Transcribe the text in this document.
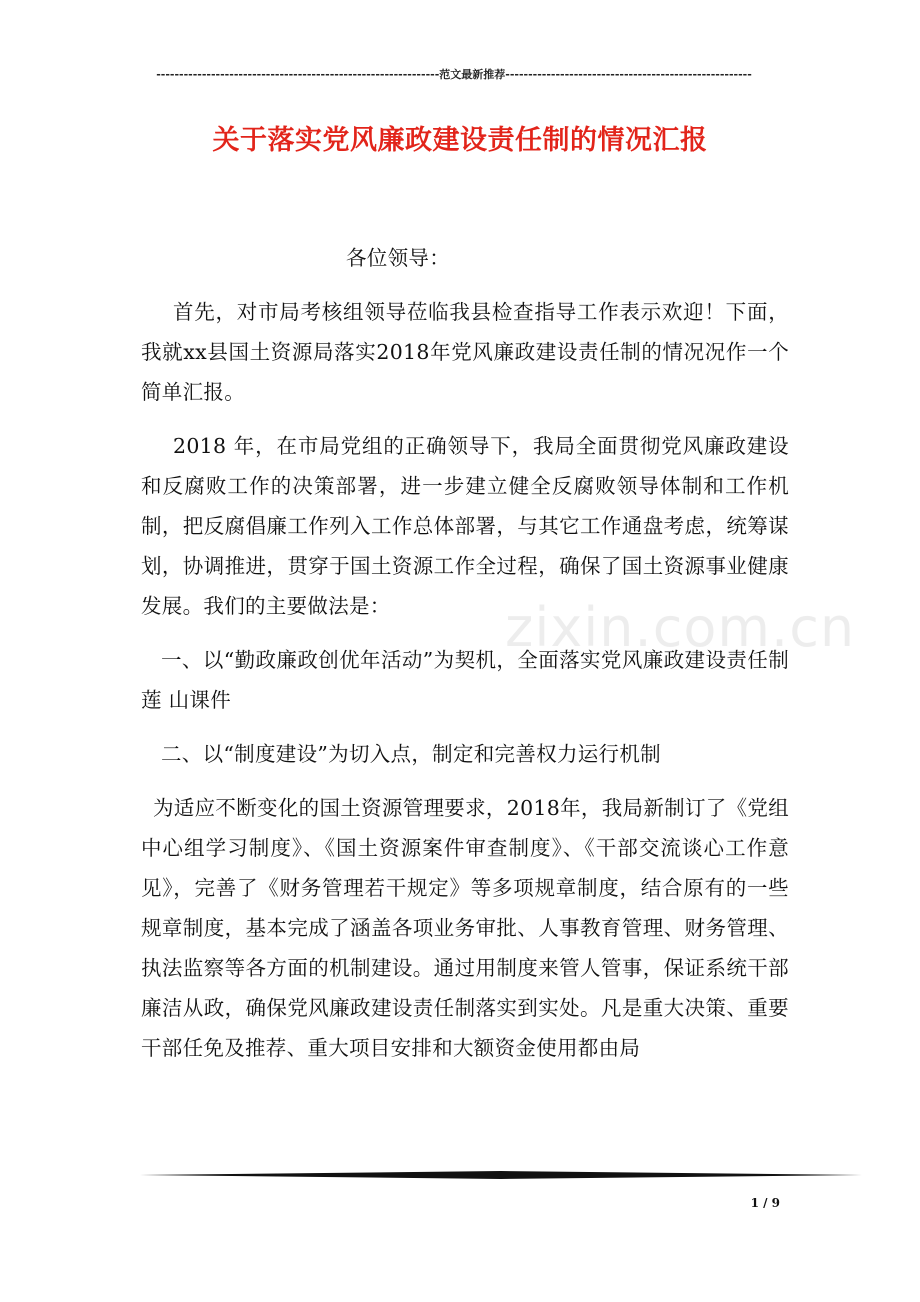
--------------------------------------------------------------范文最新推荐------------------------------------------------------
关于落实党风廉政建设责任制的情况汇报

各位领导：

首先，对市局考核组领导莅临我县检查指导工作表示欢迎！下面，我就xx县国土资源局落实2018年党风廉政建设责任制的情况况作一个简单汇报。

2018 年，在市局党组的正确领导下，我局全面贯彻党风廉政建设和反腐败工作的决策部署，进一步建立健全反腐败领导体制和工作机制，把反腐倡廉工作列入工作总体部署，与其它工作通盘考虑，统筹谋划，协调推进，贯穿于国土资源工作全过程，确保了国土资源事业健康发展。我们的主要做法是：

一、以“勤政廉政创优年活动”为契机，全面落实党风廉政建设责任制莲 山课件

二、以“制度建设”为切入点，制定和完善权力运行机制

为适应不断变化的国土资源管理要求，2018年，我局新制订了《党组中心组学习制度》、《国土资源案件审查制度》、《干部交流谈心工作意见》，完善了《财务管理若干规定》等多项规章制度，结合原有的一些规章制度，基本完成了涵盖各项业务审批、人事教育管理、财务管理、执法监察等各方面的机制建设。通过用制度来管人管事，保证系统干部廉洁从政，确保党风廉政建设责任制落实到实处。凡是重大决策、重要干部任免及推荐、重大项目安排和大额资金使用都由局

zixin.com.cn
1 / 9
